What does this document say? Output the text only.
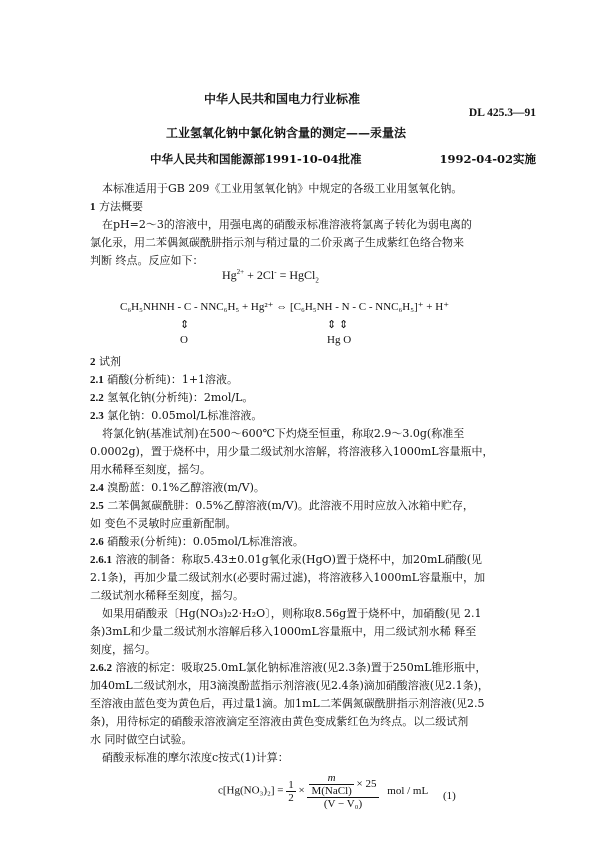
中华人民共和国电力行业标准
DL 425.3—91
工业氢氧化钠中氯化钠含量的测定——汞量法
中华人民共和国能源部1991-10-04批准	1992-04-02实施
本标准适用于GB 209《工业用氢氧化钠》中规定的各级工业用氢氧化钠。
1 方法概要
在pH=2～3的溶液中，用强电离的硝酸汞标准溶液将氯离子转化为弱电离的
氯化汞，用二苯偶氮碳酰肼指示剂与稍过量的二价汞离子生成紫红色络合物来
判断 终点。反应如下：
$Hg^{2+} + 2Cl^-$ = HgCl$_2$
C₆H₅NHNH - C - NNC₆H₅ + Hg²⁺ ⇔ [C₆H₅NH - N - C - NNC₆H₅]⁺ + H⁺
⇕	⇕ ⇕
O	Hg O
2 试剂
2.1 硝酸(分析纯)：1+1溶液。
2.2 氢氧化钠(分析纯)：2mol/L。
2.3 氯化钠：0.05mol/L标准溶液。
将氯化钠(基准试剂)在500～600℃下灼烧至恒重，称取2.9～3.0g(称准至
0.0002g)，置于烧杯中，用少量二级试剂水溶解，将溶液移入1000mL容量瓶中，
用水稀释至刻度，摇匀。
2.4 溴酚蓝：0.1%乙醇溶液(m/V)。
2.5 二苯偶氮碳酰肼：0.5%乙醇溶液(m/V)。此溶液不用时应放入冰箱中贮存，
如 变色不灵敏时应重新配制。
2.6 硝酸汞(分析纯)：0.05mol/L标准溶液。
2.6.1 溶液的制备：称取5.43±0.01g氧化汞(HgO)置于烧杯中，加20mL硝酸(见
2.1条)，再加少量二级试剂水(必要时需过滤)，将溶液移入1000mL容量瓶中，加
二级试剂水稀释至刻度，摇匀。
如果用硝酸汞〔Hg(NO₃)₂2·H₂O〕，则称取8.56g置于烧杯中，加硝酸(见 2.1
条)3mL和少量二级试剂水溶解后移入1000mL容量瓶中，用二级试剂水稀 释至
刻度，摇匀。
2.6.2 溶液的标定：吸取25.0mL氯化钠标准溶液(见2.3条)置于250mL锥形瓶中，
加40mL二级试剂水，用3滴溴酚蓝指示剂溶液(见2.4条)滴加硝酸溶液(见2.1条)，
至溶液由蓝色变为黄色后，再过量1滴。加1mL二苯偶氮碳酰肼指示剂溶液(见2.5
条)，用待标定的硝酸汞溶液滴定至溶液由黄色变成紫红色为终点。以二级试剂
水 同时做空白试验。
硝酸汞标准的摩尔浓度c按式(1)计算：
$c[Hg(NO_3)_2] = \frac{1}{2} \times \frac{\frac{m}{\text{M(NaCl)}} \times 25}{\text{(V − V₀)}}$ mol / mL (1)
